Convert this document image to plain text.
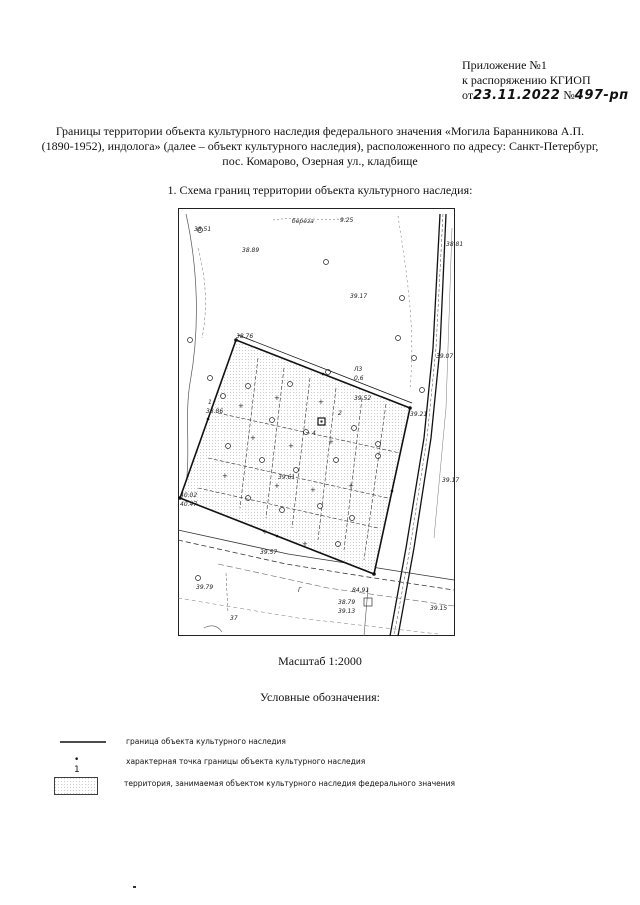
Приложение №1
к распоряжению КГИОП
от23.11.2022 №497-рп
Границы территории объекта культурного наследия федерального значения «Могила Баранникова А.П. (1890-1952), индолога» (далее – объект культурного наследия), расположенного по адресу: Санкт-Петербург, пос. Комарово, Озерная ул., кладбище
1. Схема границ территории объекта культурного наследия:
+
+	+
+
+	+
+
+	+	+
+
+
береза	9.25
38.51
38.89
39.17
38.81
38.76
Л3
0,6
39.07
39.52
38.86	39.21
1
2
4
39.17
39.61
40.02
40.47
39.57
39.79	Г	84.91
38.79
39.13	39.15
37
Масштаб 1:2000
Условные обозначения:
граница объекта культурного наследия
• 1
характерная точка границы объекта культурного наследия
территория, занимаемая объектом культурного наследия федерального значения
